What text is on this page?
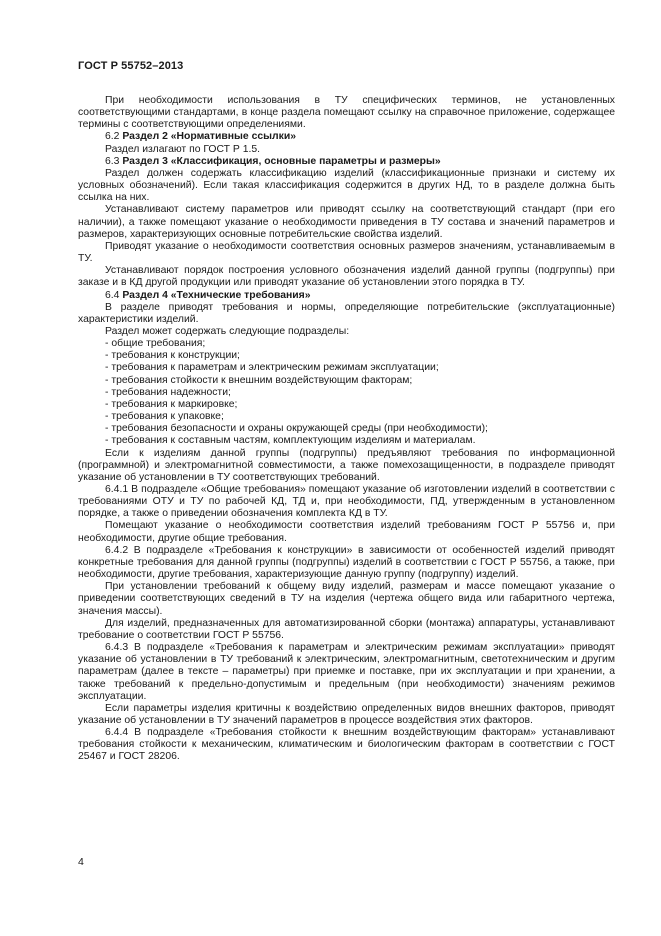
ГОСТ Р 55752–2013

При необходимости использования в ТУ специфических терминов, не установленных соответствующими стандартами, в конце раздела помещают ссылку на справочное приложение, содержащее термины с соответствующими определениями.

6.2 Раздел 2 «Нормативные ссылки»

Раздел излагают по ГОСТ Р 1.5.

6.3 Раздел 3 «Классификация, основные параметры и размеры»

Раздел должен содержать классификацию изделий (классификационные признаки и систему их условных обозначений). Если такая классификация содержится в других НД, то в разделе должна быть ссылка на них.

Устанавливают систему параметров или приводят ссылку на соответствующий стандарт (при его наличии), а также помещают указание о необходимости приведения в ТУ состава и значений параметров и размеров, характеризующих основные потребительские свойства изделий.

Приводят указание о необходимости соответствия основных размеров значениям, устанавливаемым в ТУ.

Устанавливают порядок построения условного обозначения изделий данной группы (подгруппы) при заказе и в КД другой продукции или приводят указание об установлении этого порядка в ТУ.

6.4 Раздел 4 «Технические требования»

В разделе приводят требования и нормы, определяющие потребительские (эксплуатационные) характеристики изделий.

Раздел может содержать следующие подразделы:

- общие требования;
- требования к конструкции;
- требования к параметрам и электрическим режимам эксплуатации;
- требования стойкости к внешним воздействующим факторам;
- требования надежности;
- требования к маркировке;
- требования к упаковке;
- требования безопасности и охраны окружающей среды (при необходимости);
- требования к составным частям, комплектующим изделиям и материалам.

Если к изделиям данной группы (подгруппы) предъявляют требования по информационной (программной) и электромагнитной совместимости, а также помехозащищенности, в подразделе приводят указание об установлении в ТУ соответствующих требований.

6.4.1 В подразделе «Общие требования» помещают указание об изготовлении изделий в соответствии с требованиями ОТУ и ТУ по рабочей КД, ТД и, при необходимости, ПД, утвержденным в установленном порядке, а также о приведении обозначения комплекта КД в ТУ.

Помещают указание о необходимости соответствия изделий требованиям ГОСТ Р 55756 и, при необходимости, другие общие требования.

6.4.2 В подразделе «Требования к конструкции» в зависимости от особенностей изделий приводят конкретные требования для данной группы (подгруппы) изделий в соответствии с ГОСТ Р 55756, а также, при необходимости, другие требования, характеризующие данную группу (подгруппу) изделий.

При установлении требований к общему виду изделий, размерам и массе помещают указание о приведении соответствующих сведений в ТУ на изделия (чертежа общего вида или габаритного чертежа, значения массы).

Для изделий, предназначенных для автоматизированной сборки (монтажа) аппаратуры, устанавливают требование о соответствии ГОСТ Р 55756.

6.4.3 В подразделе «Требования к параметрам и электрическим режимам эксплуатации» приводят указание об установлении в ТУ требований к электрическим, электромагнитным, светотехническим и другим параметрам (далее в тексте – параметры) при приемке и поставке, при их эксплуатации и при хранении, а также требований к предельно-допустимым и предельным (при необходимости) значениям режимов эксплуатации.

Если параметры изделия критичны к воздействию определенных видов внешних факторов, приводят указание об установлении в ТУ значений параметров в процессе воздействия этих факторов.

6.4.4 В подразделе «Требования стойкости к внешним воздействующим факторам» устанавливают требования стойкости к механическим, климатическим и биологическим факторам в соответствии с ГОСТ 25467 и ГОСТ 28206.

4
